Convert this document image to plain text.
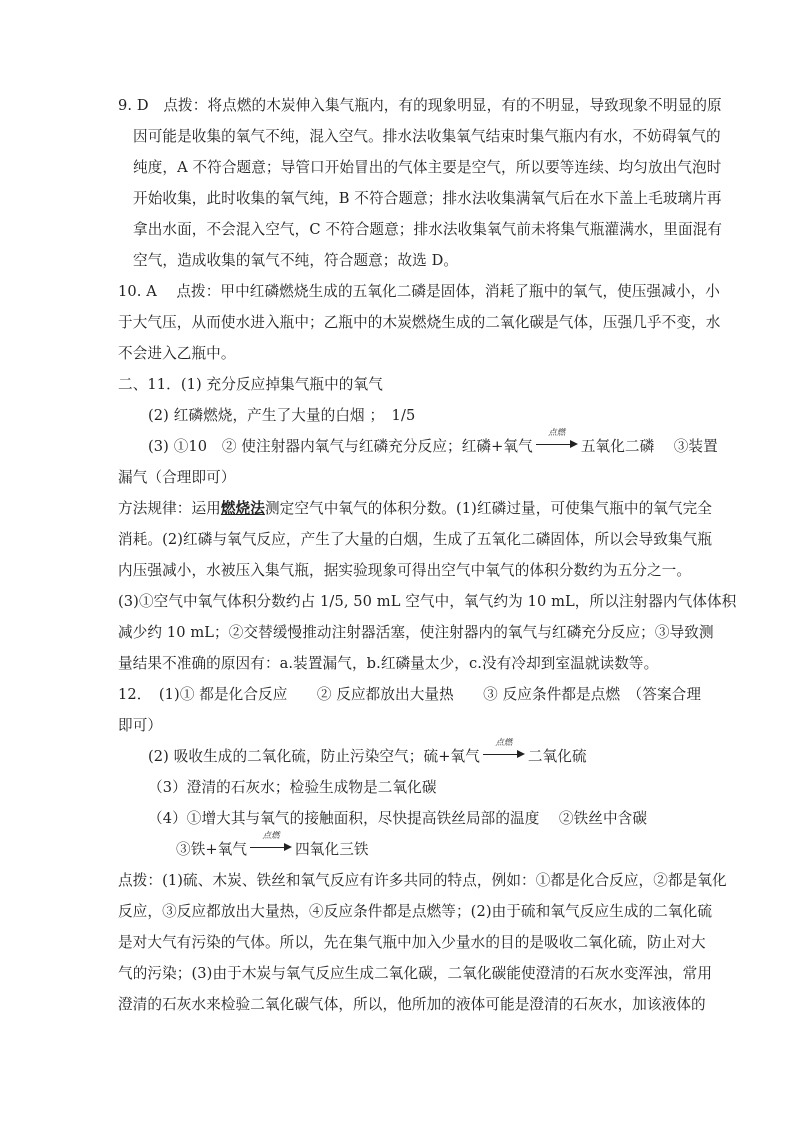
9. D　点拨：将点燃的木炭伸入集气瓶内，有的现象明显，有的不明显，导致现象不明显的原
因可能是收集的氧气不纯，混入空气。排水法收集氧气结束时集气瓶内有水，不妨碍氧气的
纯度，A 不符合题意；导管口开始冒出的气体主要是空气，所以要等连续、均匀放出气泡时
开始收集，此时收集的氧气纯，B 不符合题意；排水法收集满氧气后在水下盖上毛玻璃片再
拿出水面，不会混入空气，C 不符合题意；排水法收集氧气前未将集气瓶灌满水，里面混有
空气，造成收集的氧气不纯，符合题意；故选 D。
10. A　 点拨：甲中红磷燃烧生成的五氧化二磷是固体，消耗了瓶中的氧气，使压强减小，小
于大气压，从而使水进入瓶中；乙瓶中的木炭燃烧生成的二氧化碳是气体，压强几乎不变，水
不会进入乙瓶中。
二、11．(1) 充分反应掉集气瓶中的氧气
(2) 红磷燃烧，产生了大量的白烟 ；　1/5
(3) ①10　② 使注射器内氧气与红磷充分反应；红磷+氧气
点燃
五氧化二磷　 ③装置
漏气（合理即可）
方法规律：运用燃烧法测定空气中氧气的体积分数。(1)红磷过量，可使集气瓶中的氧气完全
消耗。(2)红磷与氧气反应，产生了大量的白烟，生成了五氧化二磷固体，所以会导致集气瓶
内压强减小，水被压入集气瓶，据实验现象可得出空气中氧气的体积分数约为五分之一。
(3)①空气中氧气体积分数约占 1/5, 50 mL 空气中，氧气约为 10 mL，所以注射器内气体体积
减少约 10 mL；②交替缓慢推动注射器活塞，使注射器内的氧气与红磷充分反应；③导致测
量结果不准确的原因有：a.装置漏气，b.红磷量太少，c.没有冷却到室温就读数等。
12．　(1)① 都是化合反应　　② 反应都放出大量热　　③ 反应条件都是点燃　（答案合理
即可）
(2) 吸收生成的二氧化硫，防止污染空气；硫+氧气
点燃
二氧化硫
（3）澄清的石灰水；检验生成物是二氧化碳
（4）①增大其与氧气的接触面积，尽快提高铁丝局部的温度　 ②铁丝中含碳
③铁+氧气
点燃
四氧化三铁
点拨：(1)硫、木炭、铁丝和氧气反应有许多共同的特点，例如：①都是化合反应，②都是氧化
反应，③反应都放出大量热，④反应条件都是点燃等；(2)由于硫和氧气反应生成的二氧化硫
是对大气有污染的气体。所以，先在集气瓶中加入少量水的目的是吸收二氧化硫，防止对大
气的污染；(3)由于木炭与氧气反应生成二氧化碳，二氧化碳能使澄清的石灰水变浑浊，常用
澄清的石灰水来检验二氧化碳气体，所以，他所加的液体可能是澄清的石灰水，加该液体的
